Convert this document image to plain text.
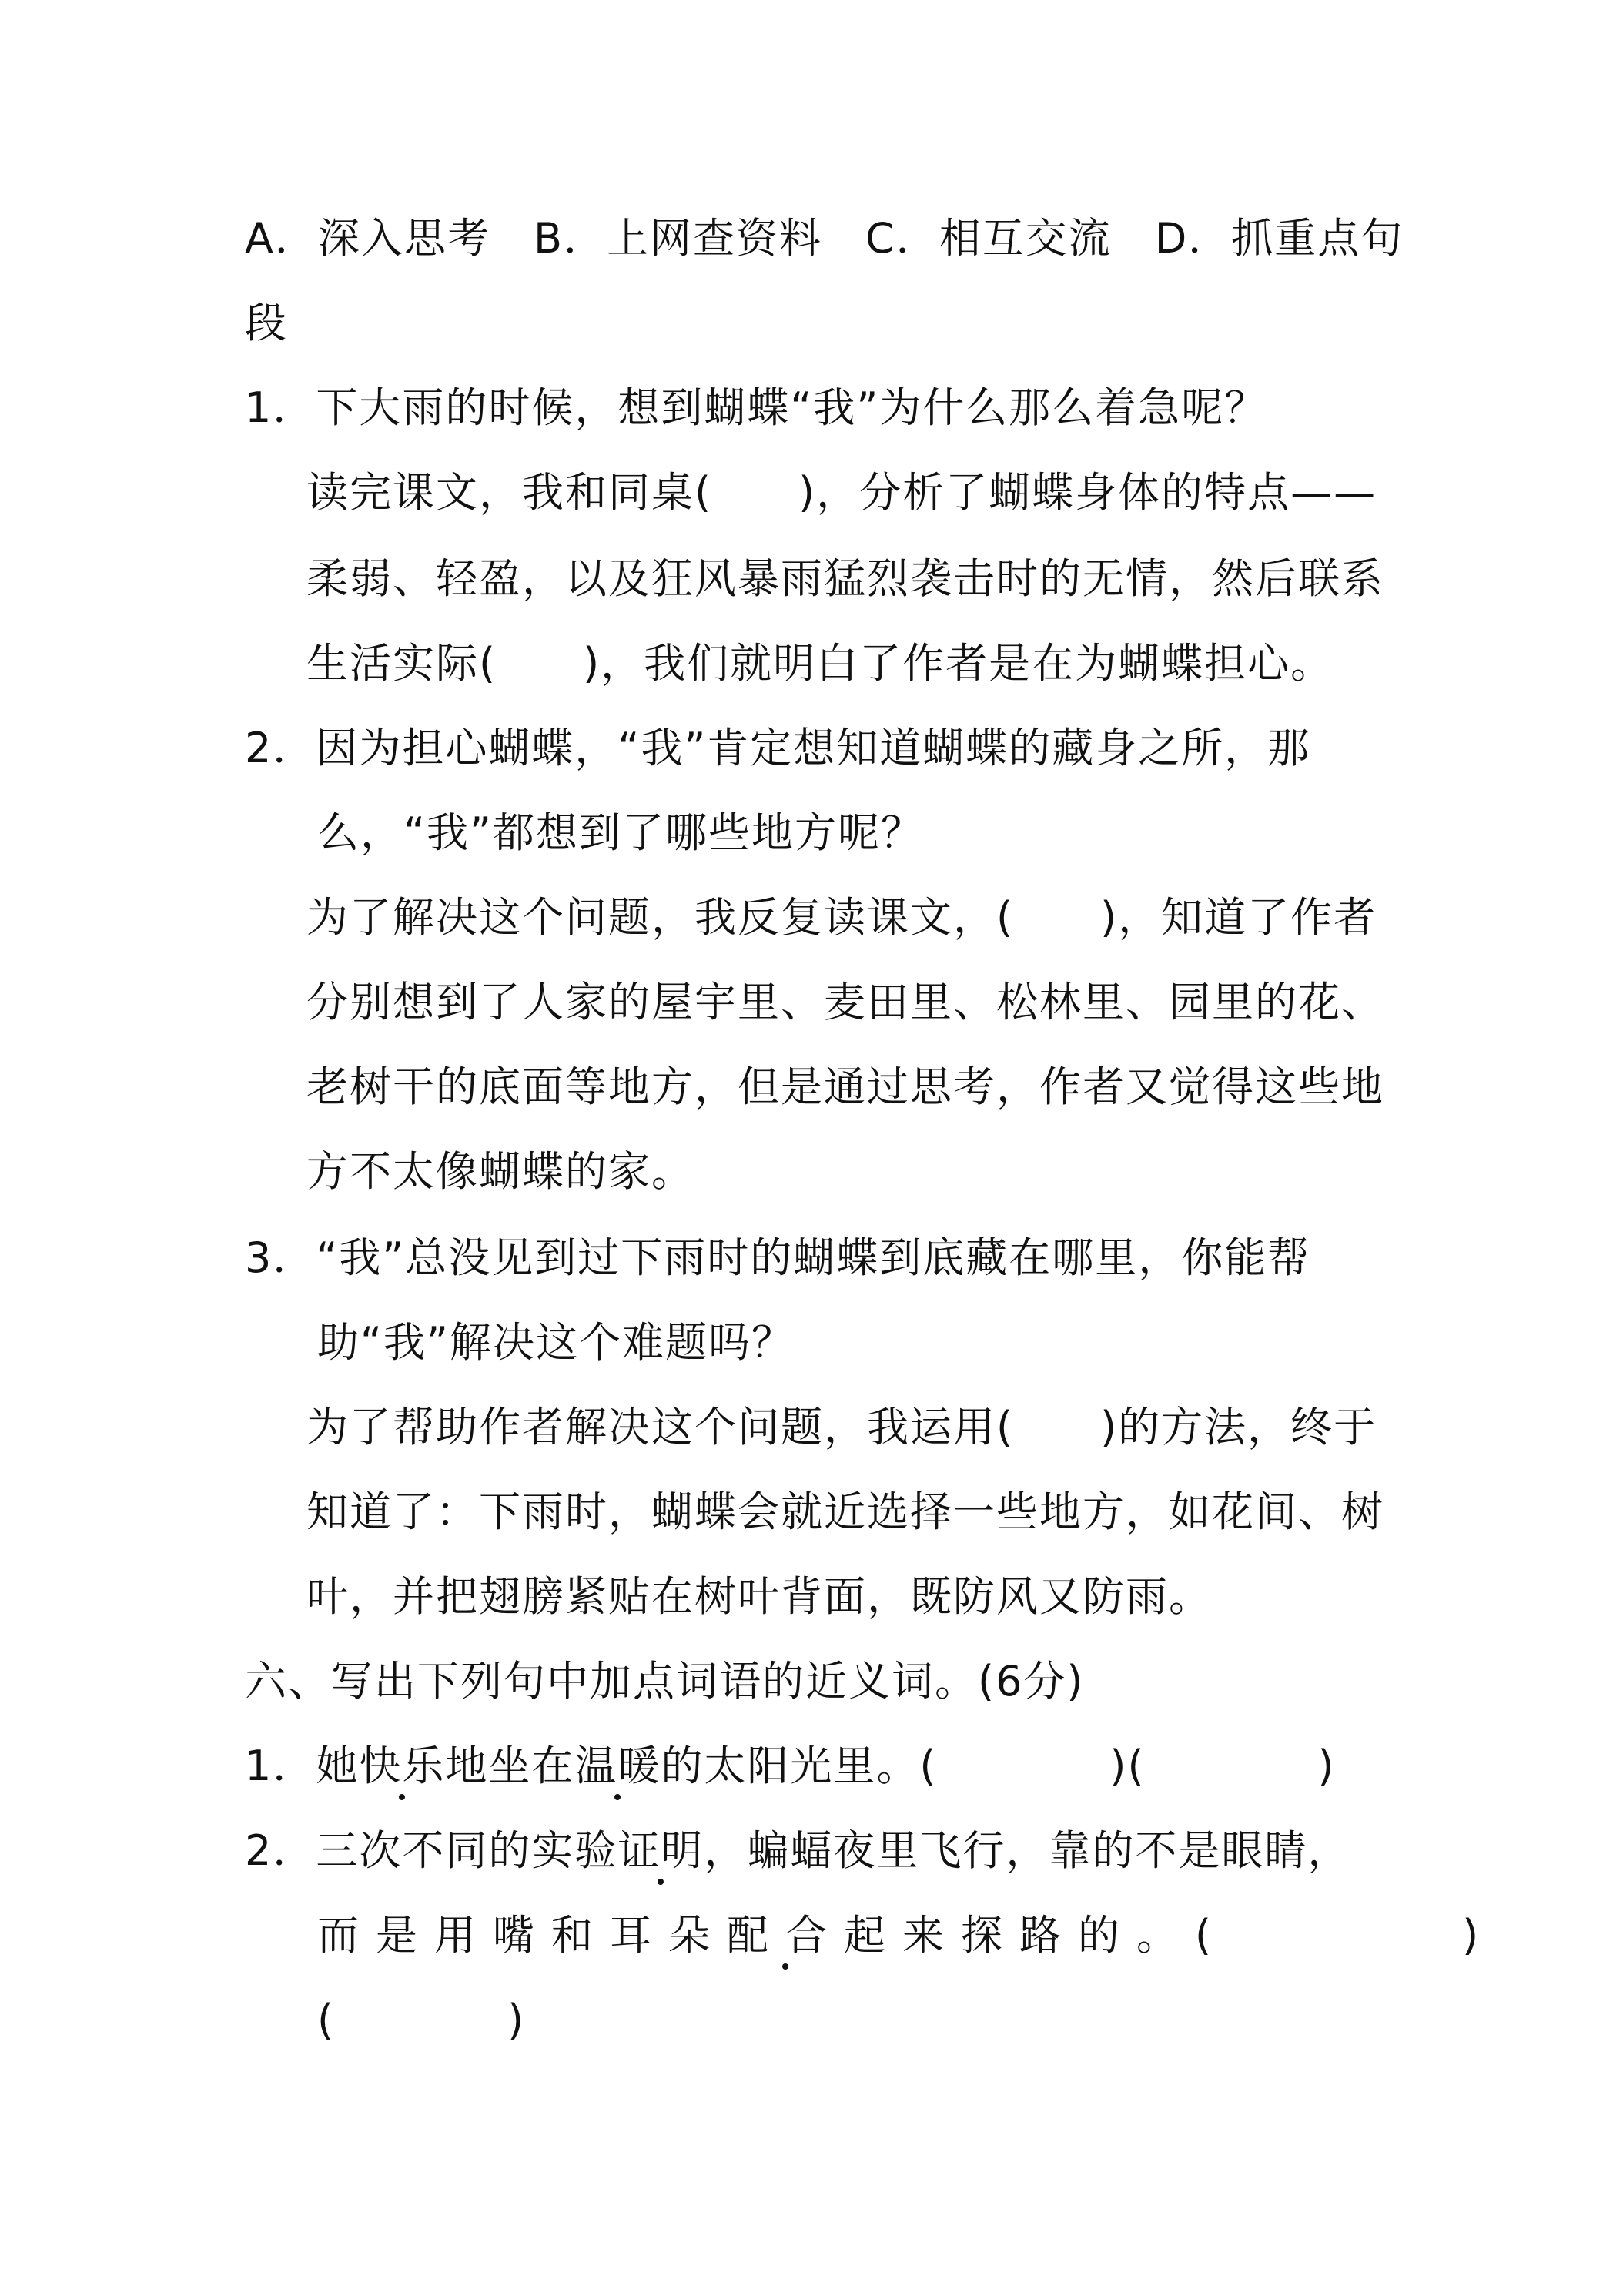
A．深入思考　B．上网查资料　C．相互交流　D．抓重点句
段
1．下大雨的时候，想到蝴蝶“我”为什么那么着急呢？
读完课文，我和同桌(　　)，分析了蝴蝶身体的特点——
柔弱、轻盈，以及狂风暴雨猛烈袭击时的无情，然后联系
生活实际(　　)，我们就明白了作者是在为蝴蝶担心。
2．因为担心蝴蝶，“我”肯定想知道蝴蝶的藏身之所，那
么，“我”都想到了哪些地方呢？
为了解决这个问题，我反复读课文，(　　)，知道了作者
分别想到了人家的屋宇里、麦田里、松林里、园里的花、
老树干的底面等地方，但是通过思考，作者又觉得这些地
方不太像蝴蝶的家。
3．“我”总没见到过下雨时的蝴蝶到底藏在哪里，你能帮
助“我”解决这个难题吗？
为了帮助作者解决这个问题，我运用(　　)的方法，终于
知道了：下雨时，蝴蝶会就近选择一些地方，如花间、树
叶，并把翅膀紧贴在树叶背面，既防风又防雨。
六、写出下列句中加点词语的近义词。(6分)
1．她快乐地坐在温暖的太阳光里。(　　　　)(　　　　)
2．三次不同的实验证明，蝙蝠夜里飞行，靠的不是眼睛，
而是用嘴和耳朵配合起来探路的。(　　　　)
(　　　　)
